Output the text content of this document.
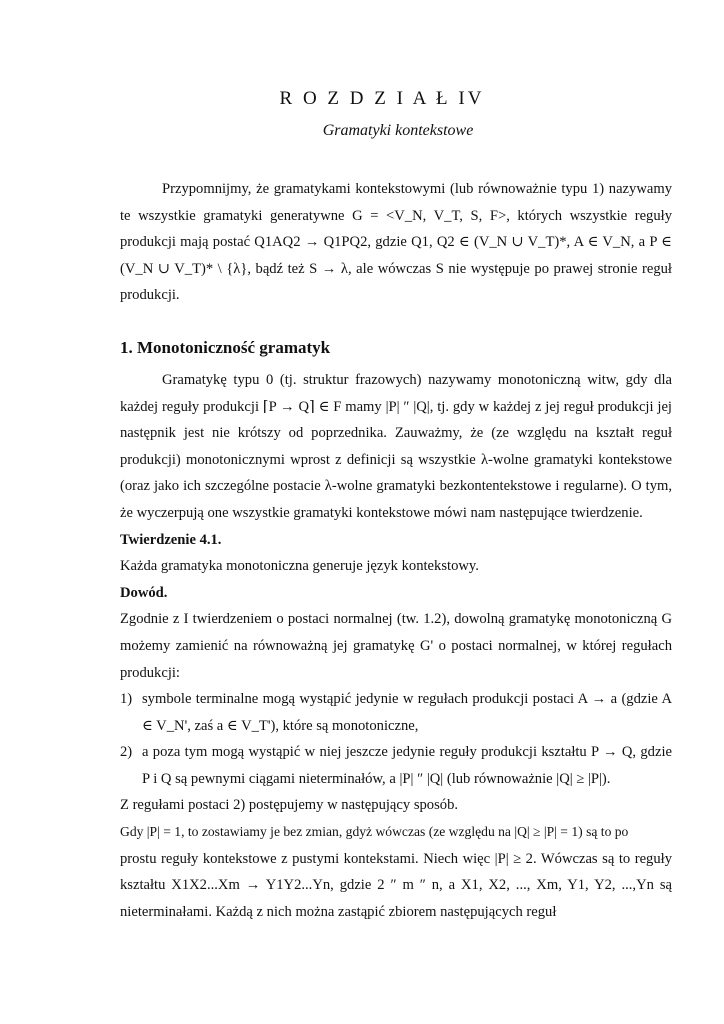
R O Z D Z I A Ł IV
Gramatyki kontekstowe

Przypomnijmy, że gramatykami kontekstowymi (lub równoważnie typu 1) nazywamy te wszystkie gramatyki generatywne G = <V_N, V_T, S, F>, których wszystkie reguły produkcji mają postać Q1AQ2 → Q1PQ2, gdzie Q1, Q2 ∈ (V_N ∪ V_T)*, A ∈ V_N, a P ∈ (V_N ∪ V_T)* \ {λ}, bądź też S → λ, ale wówczas S nie występuje po prawej stronie reguł produkcji.

1. Monotoniczność gramatyk

Gramatykę typu 0 (tj. struktur frazowych) nazywamy monotoniczną witw, gdy dla każdej reguły produkcji ⌈P → Q⌉ ∈ F mamy |P| ″ |Q|, tj. gdy w każdej z jej reguł produkcji jej następnik jest nie krótszy od poprzednika. Zauważmy, że (ze względu na kształt reguł produkcji) monotonicznymi wprost z definicji są wszystkie λ-wolne gramatyki kontekstowe (oraz jako ich szczególne postacie λ-wolne gramatyki bezkontentekstowe i regularne). O tym, że wyczerpują one wszystkie gramatyki kontekstowe mówi nam następujące twierdzenie.

Twierdzenie 4.1.

Każda gramatyka monotoniczna generuje język kontekstowy.

Dowód.

Zgodnie z I twierdzeniem o postaci normalnej (tw. 1.2), dowolną gramatykę monotoniczną G możemy zamienić na równoważną jej gramatykę G' o postaci normalnej, w której regułach produkcji:

1) symbole terminalne mogą wystąpić jedynie w regułach produkcji postaci A → a (gdzie A ∈ V_N', zaś a ∈ V_T'), które są monotoniczne,
2) a poza tym mogą wystąpić w niej jeszcze jedynie reguły produkcji kształtu P → Q, gdzie P i Q są pewnymi ciągami nieterminałów, a |P| ″ |Q| (lub równoważnie |Q| ≥ |P|).

Z regułami postaci 2) postępujemy w następujący sposób.

Gdy |P| = 1, to zostawiamy je bez zmian, gdyż wówczas (ze względu na |Q| ≥ |P| = 1) są to po

prostu reguły kontekstowe z pustymi kontekstami. Niech więc |P| ≥ 2. Wówczas są to reguły kształtu X1X2...Xm → Y1Y2...Yn, gdzie 2 ″ m ″ n, a X1, X2, ..., Xm, Y1, Y2, ...,Yn są nieterminałami. Każdą z nich można zastąpić zbiorem następujących reguł
